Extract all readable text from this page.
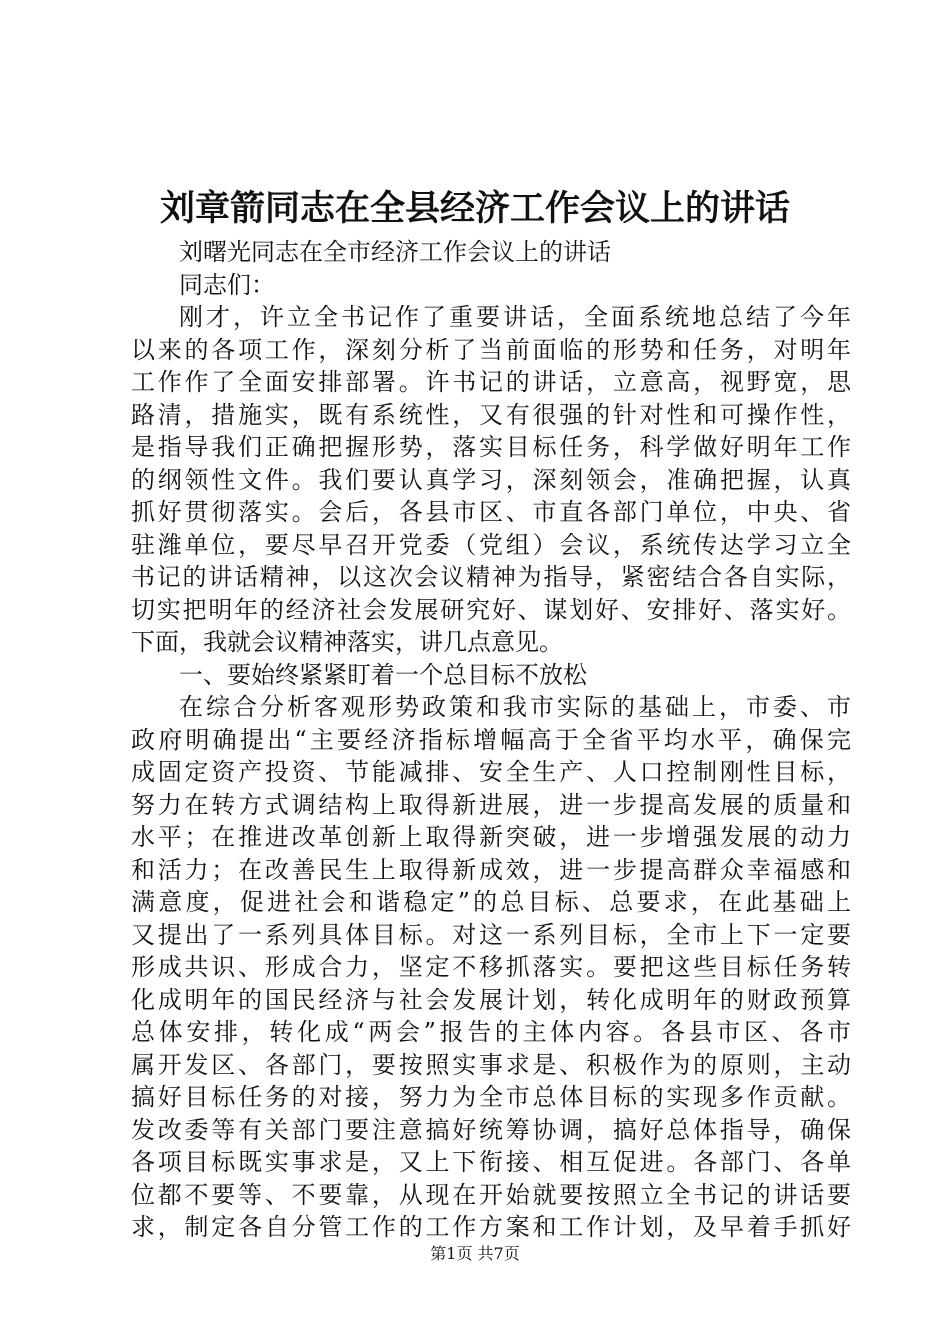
刘章箭同志在全县经济工作会议上的讲话
刘曙光同志在全市经济工作会议上的讲话
同志们：
刚才，许立全书记作了重要讲话，全面系统地总结了今年
以来的各项工作，深刻分析了当前面临的形势和任务，对明年
工作作了全面安排部署。许书记的讲话，立意高，视野宽，思
路清，措施实，既有系统性，又有很强的针对性和可操作性，
是指导我们正确把握形势，落实目标任务，科学做好明年工作
的纲领性文件。我们要认真学习，深刻领会，准确把握，认真
抓好贯彻落实。会后，各县市区、市直各部门单位，中央、省
驻潍单位，要尽早召开党委（党组）会议，系统传达学习立全
书记的讲话精神，以这次会议精神为指导，紧密结合各自实际，
切实把明年的经济社会发展研究好、谋划好、安排好、落实好。
下面，我就会议精神落实，讲几点意见。
一、要始终紧紧盯着一个总目标不放松
在综合分析客观形势政策和我市实际的基础上，市委、市
政府明确提出“主要经济指标增幅高于全省平均水平，确保完
成固定资产投资、节能减排、安全生产、人口控制刚性目标，
努力在转方式调结构上取得新进展，进一步提高发展的质量和
水平；在推进改革创新上取得新突破，进一步增强发展的动力
和活力；在改善民生上取得新成效，进一步提高群众幸福感和
满意度，促进社会和谐稳定”的总目标、总要求，在此基础上
又提出了一系列具体目标。对这一系列目标，全市上下一定要
形成共识、形成合力，坚定不移抓落实。要把这些目标任务转
化成明年的国民经济与社会发展计划，转化成明年的财政预算
总体安排，转化成“两会”报告的主体内容。各县市区、各市
属开发区、各部门，要按照实事求是、积极作为的原则，主动
搞好目标任务的对接，努力为全市总体目标的实现多作贡献。
发改委等有关部门要注意搞好统筹协调，搞好总体指导，确保
各项目标既实事求是，又上下衔接、相互促进。各部门、各单
位都不要等、不要靠，从现在开始就要按照立全书记的讲话要
求，制定各自分管工作的工作方案和工作计划，及早着手抓好
第1页 共7页
